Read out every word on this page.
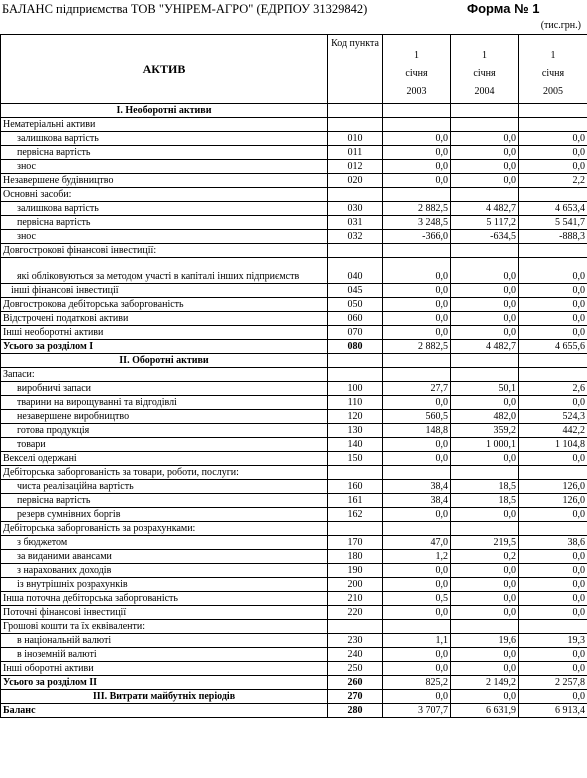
БАЛАНС підприємства ТОВ "УНІРЕМ-АГРО" (ЕДРПОУ 31329842)	Форма № 1
(тис.грн.)
АКТИВ	Код пункта	1
січня
2003	1
січня
2004	1
січня
2005

І. Необоротні активи				
Нематеріальні активи				
залишкова вартість	010	0,0	0,0	0,0
первісна вартість	011	0,0	0,0	0,0
знос	012	0,0	0,0	0,0
Незавершене будівництво	020	0,0	0,0	2,2
Основні засоби:				
залишкова вартість	030	2 882,5	4 482,7	4 653,4
первісна вартість	031	3 248,5	5 117,2	5 541,7
знос	032	-366,0	-634,5	-888,3
Довгострокові фінансові інвестиції:				
які обліковуються за методом участі в капіталі інших підприємств	040	0,0	0,0	0,0
інші фінансові інвестиції	045	0,0	0,0	0,0
Довгострокова дебіторська заборгованість	050	0,0	0,0	0,0
Відстрочені податкові активи	060	0,0	0,0	0,0
Інші необоротні активи	070	0,0	0,0	0,0
Усього за розділом І	080	2 882,5	4 482,7	4 655,6
ІІ. Оборотні активи				
Запаси:				
виробничі запаси	100	27,7	50,1	2,6
тварини на вирощуванні та відгодівлі	110	0,0	0,0	0,0
незавершене виробництво	120	560,5	482,0	524,3
готова продукція	130	148,8	359,2	442,2
товари	140	0,0	1 000,1	1 104,8
Векселі одержані	150	0,0	0,0	0,0
Дебіторська заборгованість за товари, роботи, послуги:				
чиста реалізаційна вартість	160	38,4	18,5	126,0
первісна вартість	161	38,4	18,5	126,0
резерв сумнівних боргів	162	0,0	0,0	0,0
Дебіторська заборгованість за розрахунками:				
з бюджетом	170	47,0	219,5	38,6
за виданими авансами	180	1,2	0,2	0,0
з нарахованих доходів	190	0,0	0,0	0,0
із внутрішніх розрахунків	200	0,0	0,0	0,0
Інша поточна дебіторська заборгованість	210	0,5	0,0	0,0
Поточні фінансові інвестиції	220	0,0	0,0	0,0
Грошові кошти та їх еквіваленти:				
в національній валюті	230	1,1	19,6	19,3
в іноземній валюті	240	0,0	0,0	0,0
Інші оборотні активи	250	0,0	0,0	0,0
Усього за розділом ІІ	260	825,2	2 149,2	2 257,8
ІІІ. Витрати майбутніх періодів	270	0,0	0,0	0,0
Баланс	280	3 707,7	6 631,9	6 913,4
